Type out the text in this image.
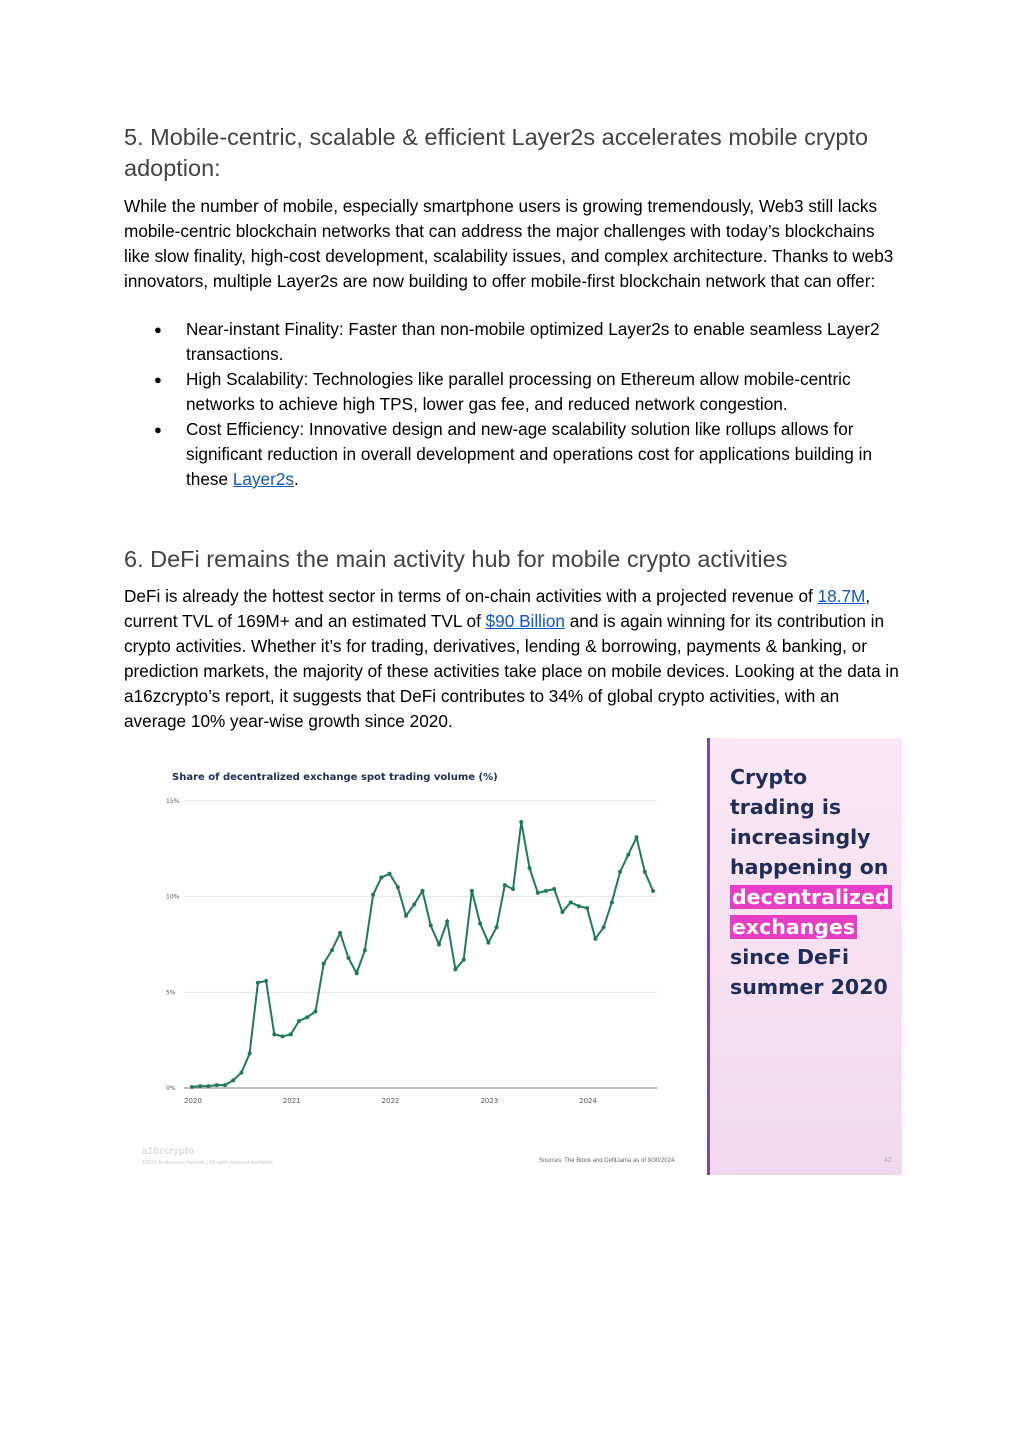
5. Mobile-centric, scalable & efficient Layer2s accelerates mobile crypto adoption:

While the number of mobile, especially smartphone users is growing tremendously, Web3 still lacks mobile-centric blockchain networks that can address the major challenges with today’s blockchains like slow finality, high-cost development, scalability issues, and complex architecture. Thanks to web3 innovators, multiple Layer2s are now building to offer mobile-first blockchain network that can offer:

● Near-instant Finality: Faster than non-mobile optimized Layer2s to enable seamless Layer2 transactions.
● High Scalability: Technologies like parallel processing on Ethereum allow mobile-centric networks to achieve high TPS, lower gas fee, and reduced network congestion.
● Cost Efficiency: Innovative design and new-age scalability solution like rollups allows for significant reduction in overall development and operations cost for applications building in these Layer2s.
6. DeFi remains the main activity hub for mobile crypto activities

DeFi is already the hottest sector in terms of on-chain activities with a projected revenue of 18.7M, current TVL of 169M+ and an estimated TVL of $90 Billion and is again winning for its contribution in crypto activities. Whether it’s for trading, derivatives, lending & borrowing, payments & banking, or prediction markets, the majority of these activities take place on mobile devices. Looking at the data in a16zcrypto’s report, it suggests that DeFi contributes to 34% of global crypto activities, with an average 10% year-wise growth since 2020.

Share of decentralized exchange spot trading volume (%)
0%
5%
10%
15%
2020	2021	2022	2023	2024
a16zcrypto
©2024 Andreessen Horowitz | All rights reserved worldwide.	Sources: The Block and DefiLlama as of 9/30/2024.
Crypto
trading is
increasingly
happening on
decentralized
exchanges
since DeFi
summer 2020
42
